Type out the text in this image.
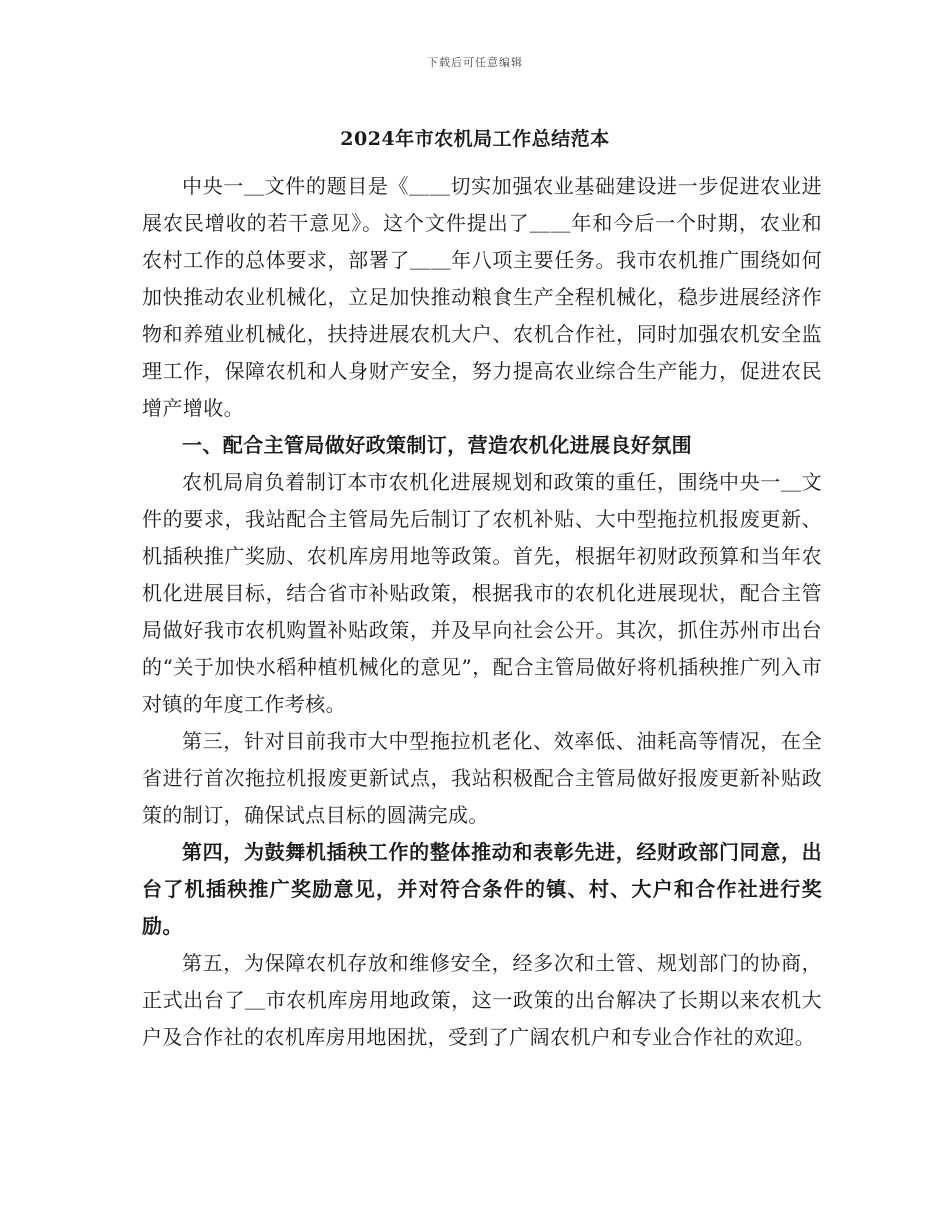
下载后可任意编辑
2024年市农机局工作总结范本

中央一＿文件的题目是《＿＿切实加强农业基础建设进一步促进农业进展农民增收的若干意见》。这个文件提出了＿＿年和今后一个时期，农业和农村工作的总体要求，部署了＿＿年八项主要任务。我市农机推广围绕如何加快推动农业机械化，立足加快推动粮食生产全程机械化，稳步进展经济作物和养殖业机械化，扶持进展农机大户、农机合作社，同时加强农机安全监理工作，保障农机和人身财产安全，努力提高农业综合生产能力，促进农民增产增收。

一、配合主管局做好政策制订，营造农机化进展良好氛围

农机局肩负着制订本市农机化进展规划和政策的重任，围绕中央一＿文件的要求，我站配合主管局先后制订了农机补贴、大中型拖拉机报废更新、机插秧推广奖励、农机库房用地等政策。首先，根据年初财政预算和当年农机化进展目标，结合省市补贴政策，根据我市的农机化进展现状，配合主管局做好我市农机购置补贴政策，并及早向社会公开。其次，抓住苏州市出台的“关于加快水稻种植机械化的意见”，配合主管局做好将机插秧推广列入市对镇的年度工作考核。

第三，针对目前我市大中型拖拉机老化、效率低、油耗高等情况，在全省进行首次拖拉机报废更新试点，我站积极配合主管局做好报废更新补贴政策的制订，确保试点目标的圆满完成。

第四，为鼓舞机插秧工作的整体推动和表彰先进，经财政部门同意，出台了机插秧推广奖励意见，并对符合条件的镇、村、大户和合作社进行奖励。

第五，为保障农机存放和维修安全，经多次和土管、规划部门的协商，正式出台了＿市农机库房用地政策，这一政策的出台解决了长期以来农机大户及合作社的农机库房用地困扰，受到了广阔农机户和专业合作社的欢迎。
